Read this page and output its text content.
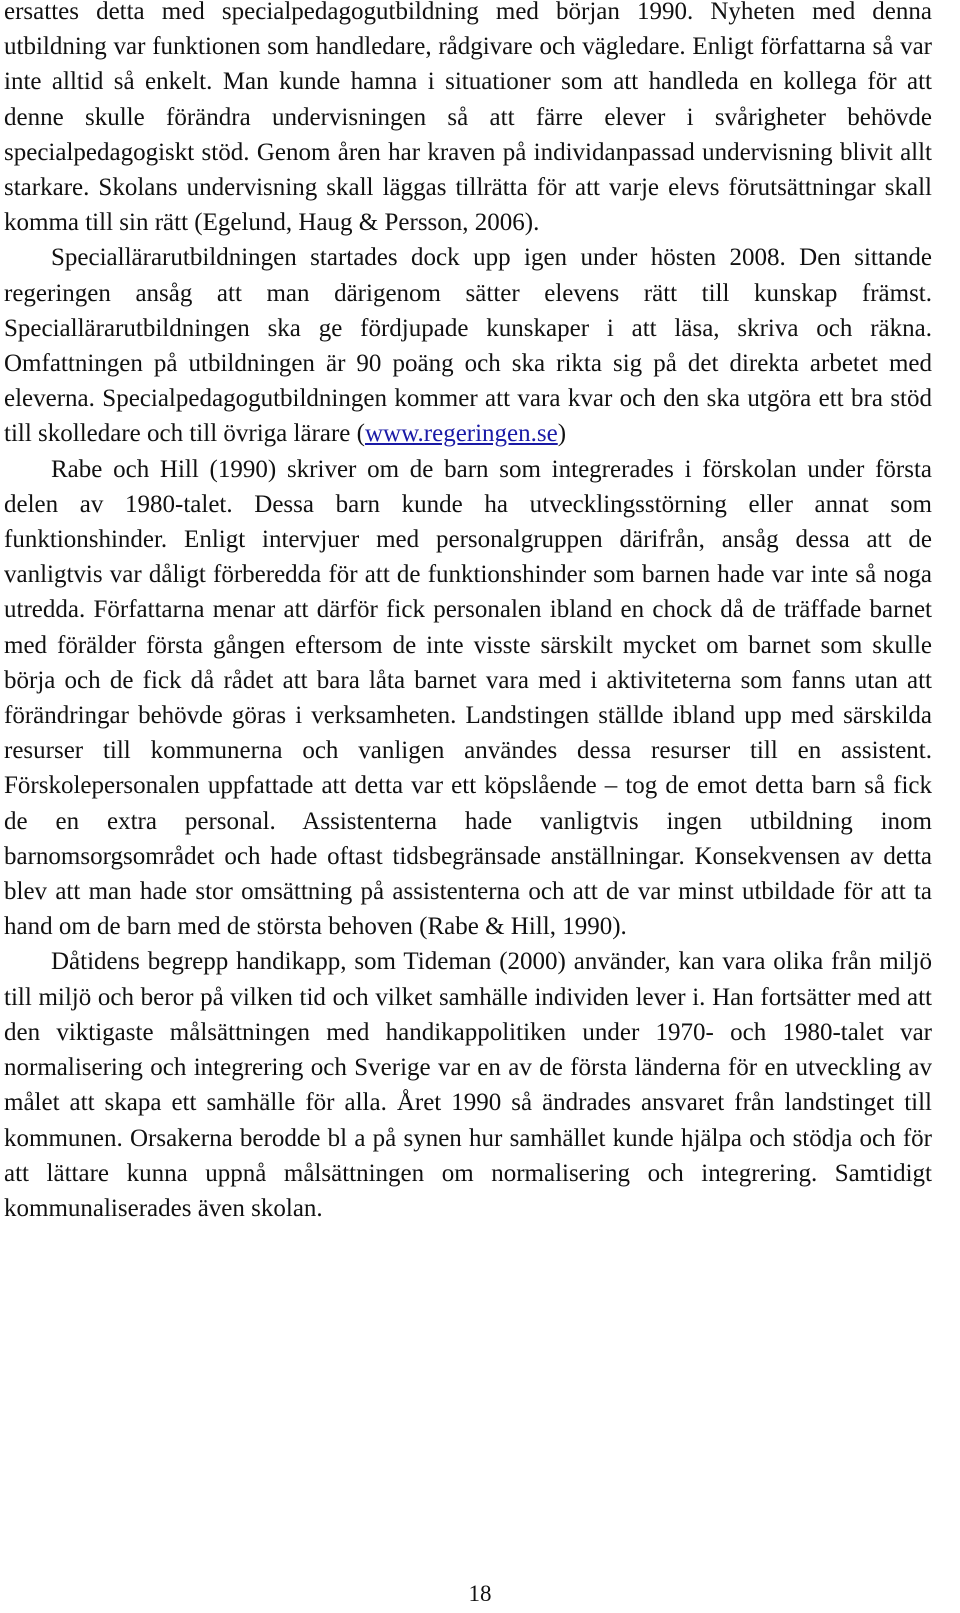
ersattes detta med specialpedagogutbildning med början 1990. Nyheten med denna utbildning var funktionen som handledare, rådgivare och vägledare. Enligt författarna så var inte alltid så enkelt. Man kunde hamna i situationer som att handleda en kollega för att denne skulle förändra undervisningen så att färre elever i svårigheter behövde specialpedagogiskt stöd. Genom åren har kraven på individanpassad undervisning blivit allt starkare. Skolans undervisning skall läggas tillrätta för att varje elevs förutsättningar skall komma till sin rätt (Egelund, Haug & Persson, 2006).

Speciallärarutbildningen startades dock upp igen under hösten 2008. Den sittande regeringen ansåg att man därigenom sätter elevens rätt till kunskap främst. Speciallärarutbildningen ska ge fördjupade kunskaper i att läsa, skriva och räkna. Omfattningen på utbildningen är 90 poäng och ska rikta sig på det direkta arbetet med eleverna. Specialpedagogutbildningen kommer att vara kvar och den ska utgöra ett bra stöd till skolledare och till övriga lärare (www.regeringen.se)

Rabe och Hill (1990) skriver om de barn som integrerades i förskolan under första delen av 1980-talet. Dessa barn kunde ha utvecklingsstörning eller annat som funktionshinder. Enligt intervjuer med personalgruppen därifrån, ansåg dessa att de vanligtvis var dåligt förberedda för att de funktionshinder som barnen hade var inte så noga utredda. Författarna menar att därför fick personalen ibland en chock då de träffade barnet med förälder första gången eftersom de inte visste särskilt mycket om barnet som skulle börja och de fick då rådet att bara låta barnet vara med i aktiviteterna som fanns utan att förändringar behövde göras i verksamheten. Landstingen ställde ibland upp med särskilda resurser till kommunerna och vanligen användes dessa resurser till en assistent. Förskolepersonalen uppfattade att detta var ett köpslående – tog de emot detta barn så fick de en extra personal. Assistenterna hade vanligtvis ingen utbildning inom barnomsorgsområdet och hade oftast tidsbegränsade anställningar. Konsekvensen av detta blev att man hade stor omsättning på assistenterna och att de var minst utbildade för att ta hand om de barn med de största behoven (Rabe & Hill, 1990).

Dåtidens begrepp handikapp, som Tideman (2000) använder, kan vara olika från miljö till miljö och beror på vilken tid och vilket samhälle individen lever i. Han fortsätter med att den viktigaste målsättningen med handikappolitiken under 1970- och 1980-talet var normalisering och integrering och Sverige var en av de första länderna för en utveckling av målet att skapa ett samhälle för alla. Året 1990 så ändrades ansvaret från landstinget till kommunen. Orsakerna berodde bl a på synen hur samhället kunde hjälpa och stödja och för att lättare kunna uppnå målsättningen om normalisering och integrering. Samtidigt kommunaliserades även skolan.

18
